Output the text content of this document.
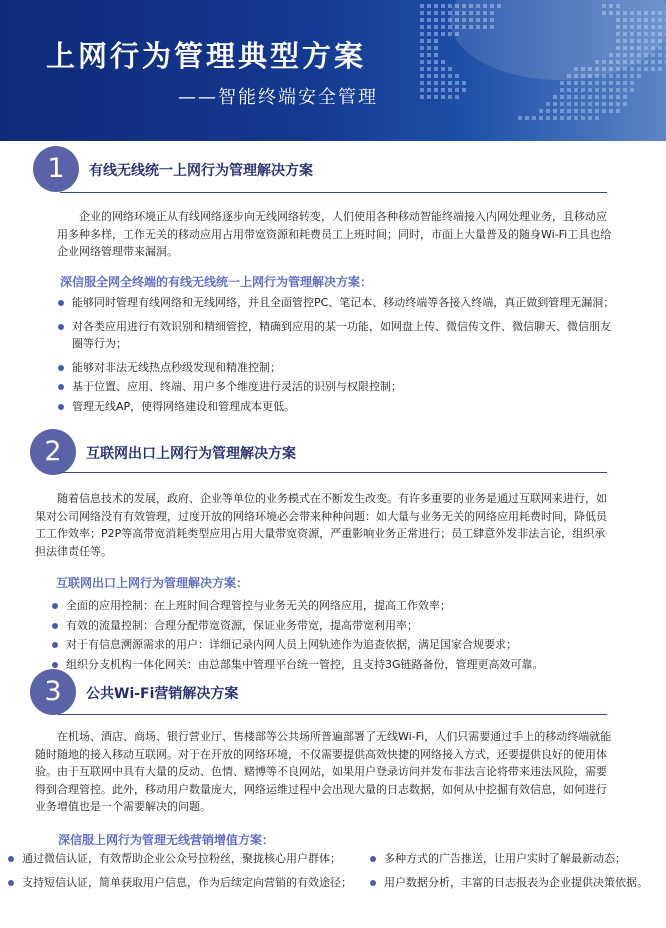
上网行为管理典型方案
——智能终端安全管理
1	有线无线统一上网行为管理解决方案
企业的网络环境正从有线网络逐步向无线网络转变，人们使用各种移动智能终端接入内网处理业务，且移动应用多种多样，工作无关的移动应用占用带宽资源和耗费员工上班时间；同时，市面上大量普及的随身Wi-Fi工具也给企业网络管理带来漏洞。
深信服全网全终端的有线无线统一上网行为管理解决方案：
能够同时管理有线网络和无线网络，并且全面管控PC、笔记本、移动终端等各接入终端，真正做到管理无漏洞；
对各类应用进行有效识别和精细管控，精确到应用的某一功能，如网盘上传、微信传文件、微信聊天、微信朋友圈等行为；
能够对非法无线热点秒级发现和精准控制；
基于位置、应用、终端、用户多个维度进行灵活的识别与权限控制；
管理无线AP，使得网络建设和管理成本更低。
2	互联网出口上网行为管理解决方案
随着信息技术的发展，政府、企业等单位的业务模式在不断发生改变。有许多重要的业务是通过互联网来进行，如果对公司网络没有有效管理，过度开放的网络环境必会带来种种问题：如大量与业务无关的网络应用耗费时间，降低员工工作效率；P2P等高带宽消耗类型应用占用大量带宽资源，严重影响业务正常进行；员工肆意外发非法言论，组织承担法律责任等。
互联网出口上网行为管理解决方案：
全面的应用控制：在上班时间合理管控与业务无关的网络应用，提高工作效率；
有效的流量控制：合理分配带宽资源，保证业务带宽，提高带宽利用率；
对于有信息溯源需求的用户：详细记录内网人员上网轨迹作为追查依据，满足国家合规要求；
组织分支机构一体化网关：由总部集中管理平台统一管控，且支持3G链路备份，管理更高效可靠。
3	公共Wi-Fi营销解决方案
在机场、酒店、商场、银行营业厅、售楼部等公共场所普遍部署了无线Wi-Fi，人们只需要通过手上的移动终端就能随时随地的接入移动互联网。对于在开放的网络环境，不仅需要提供高效快捷的网络接入方式，还要提供良好的使用体验。由于互联网中具有大量的反动、色情、赌博等不良网站，如果用户登录访问并发布非法言论将带来违法风险，需要得到合理管控。此外，移动用户数量庞大，网络运维过程中会出现大量的日志数据，如何从中挖掘有效信息，如何进行业务增值也是一个需要解决的问题。
深信服上网行为管理无线营销增值方案：
通过微信认证，有效帮助企业公众号拉粉丝，聚拢核心用户群体；
支持短信认证，简单获取用户信息，作为后续定向营销的有效途径；
多种方式的广告推送，让用户实时了解最新动态；
用户数据分析，丰富的日志报表为企业提供决策依据。
